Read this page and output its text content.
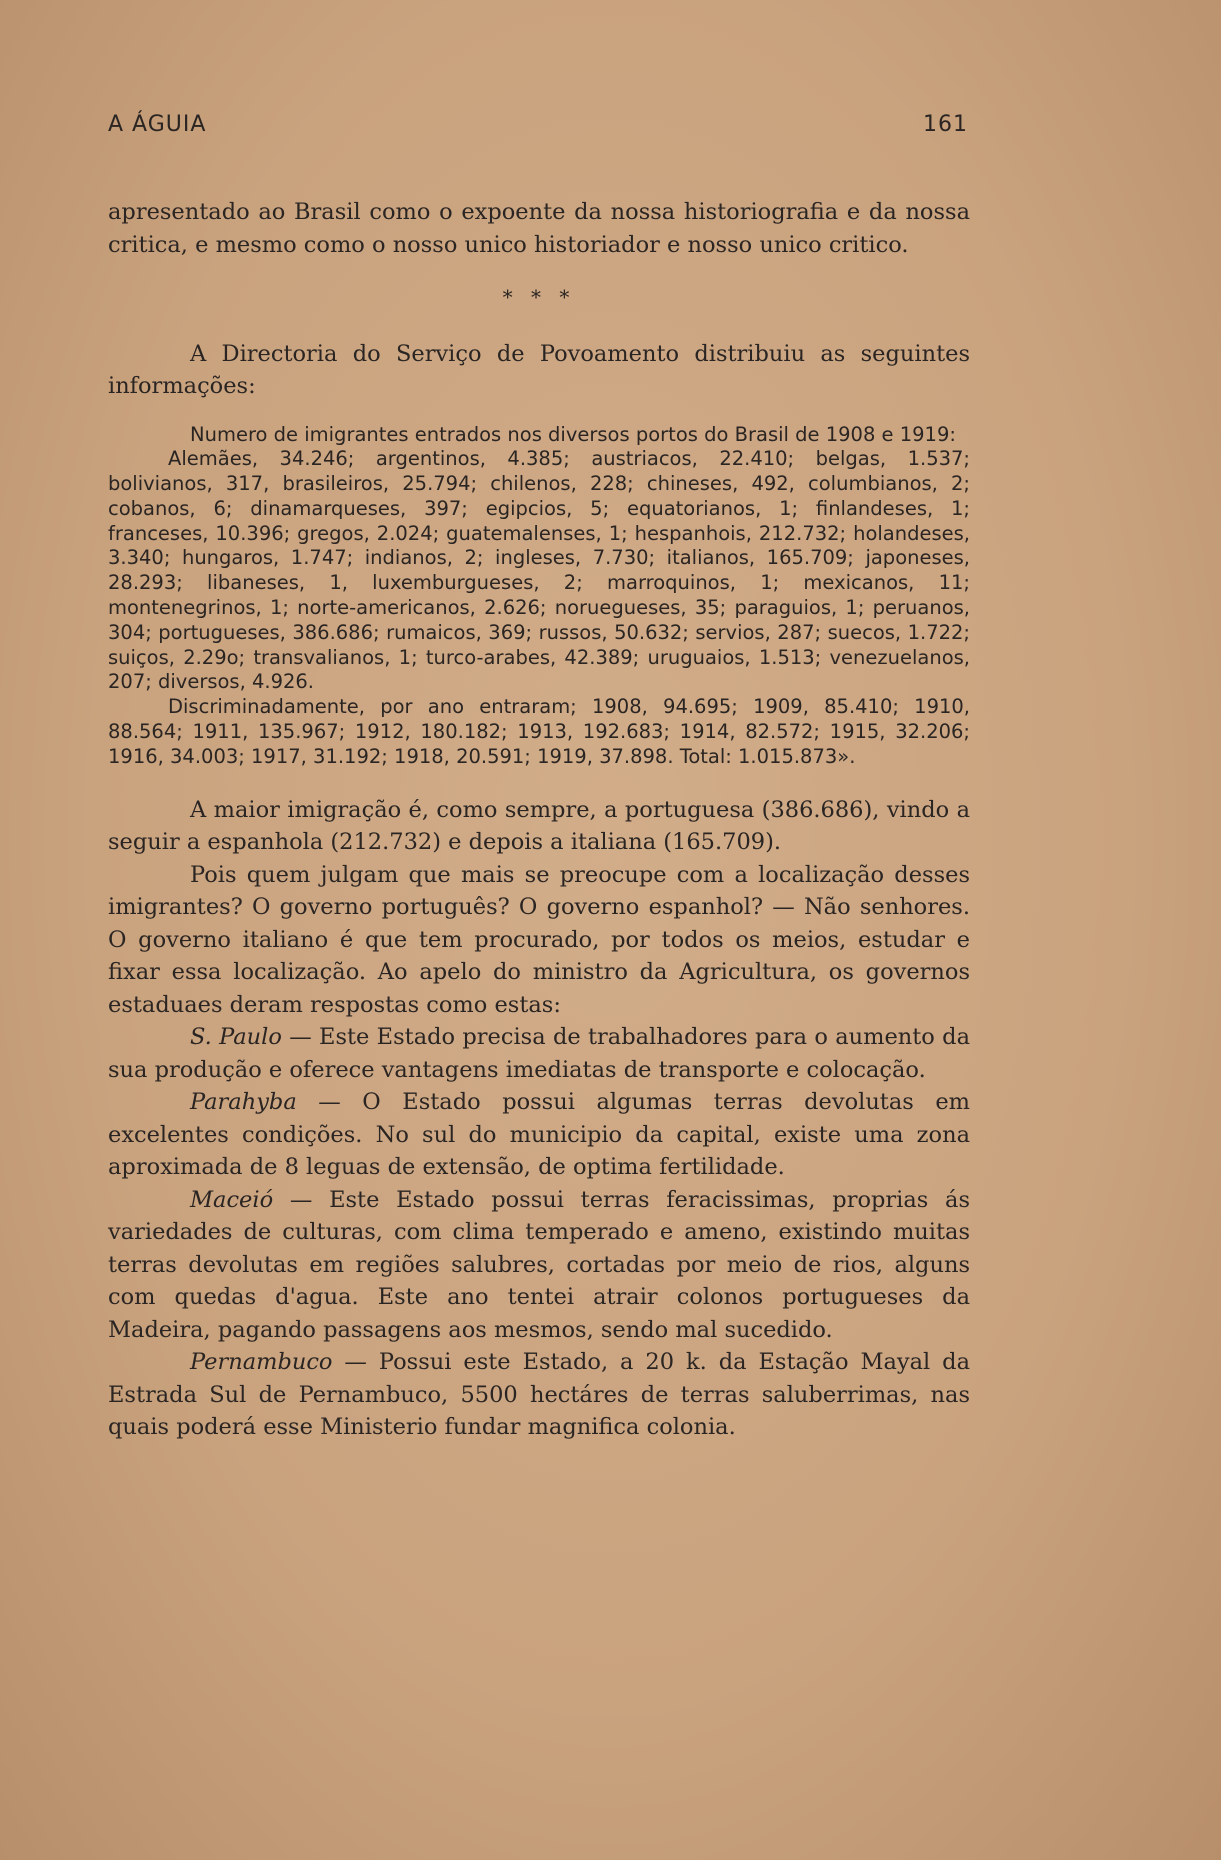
A ÁGUIA	161

apresentado ao Brasil como o expoente da nossa historiografia e da nossa critica, e mesmo como o nosso unico historiador e nosso unico critico.

* * *

A Directoria do Serviço de Povoamento distribuiu as seguintes informações:

Numero de imigrantes entrados nos diversos portos do Brasil de 1908 e 1919:

Alemães, 34.246; argentinos, 4.385; austriacos, 22.410; belgas, 1.537; bolivianos, 317, brasileiros, 25.794; chilenos, 228; chineses, 492, columbianos, 2; cobanos, 6; dinamarqueses, 397; egipcios, 5; equatorianos, 1; finlandeses, 1; franceses, 10.396; gregos, 2.024; guatemalenses, 1; hespanhois, 212.732; holandeses, 3.340; hungaros, 1.747; indianos, 2; ingleses, 7.730; italianos, 165.709; japoneses, 28.293; libaneses, 1, luxemburgueses, 2; marroquinos, 1; mexicanos, 11; montenegrinos, 1; norte-americanos, 2.626; noruegueses, 35; paraguios, 1; peruanos, 304; portugueses, 386.686; rumaicos, 369; russos, 50.632; servios, 287; suecos, 1.722; suiços, 2.29o; transvalianos, 1; turco-arabes, 42.389; uruguaios, 1.513; venezuelanos, 207; diversos, 4.926.

Discriminadamente, por ano entraram; 1908, 94.695; 1909, 85.410; 1910, 88.564; 1911, 135.967; 1912, 180.182; 1913, 192.683; 1914, 82.572; 1915, 32.206; 1916, 34.003; 1917, 31.192; 1918, 20.591; 1919, 37.898. Total: 1.015.873».

A maior imigração é, como sempre, a portuguesa (386.686), vindo a seguir a espanhola (212.732) e depois a italiana (165.709).

Pois quem julgam que mais se preocupe com a localização desses imigrantes? O governo português? O governo espanhol? — Não senhores. O governo italiano é que tem procurado, por todos os meios, estudar e fixar essa localização. Ao apelo do ministro da Agricultura, os governos estaduaes deram respostas como estas:

S. Paulo — Este Estado precisa de trabalhadores para o aumento da sua produção e oferece vantagens imediatas de transporte e colocação.

Parahyba — O Estado possui algumas terras devolutas em excelentes condições. No sul do municipio da capital, existe uma zona aproximada de 8 leguas de extensão, de optima fertilidade.

Maceió — Este Estado possui terras feracissimas, proprias ás variedades de culturas, com clima temperado e ameno, existindo muitas terras devolutas em regiões salubres, cortadas por meio de rios, alguns com quedas d'agua. Este ano tentei atrair colonos portugueses da Madeira, pagando passagens aos mesmos, sendo mal sucedido.

Pernambuco — Possui este Estado, a 20 k. da Estação Mayal da Estrada Sul de Pernambuco, 5500 hectáres de terras saluberrimas, nas quais poderá esse Ministerio fundar magnifica colonia.
